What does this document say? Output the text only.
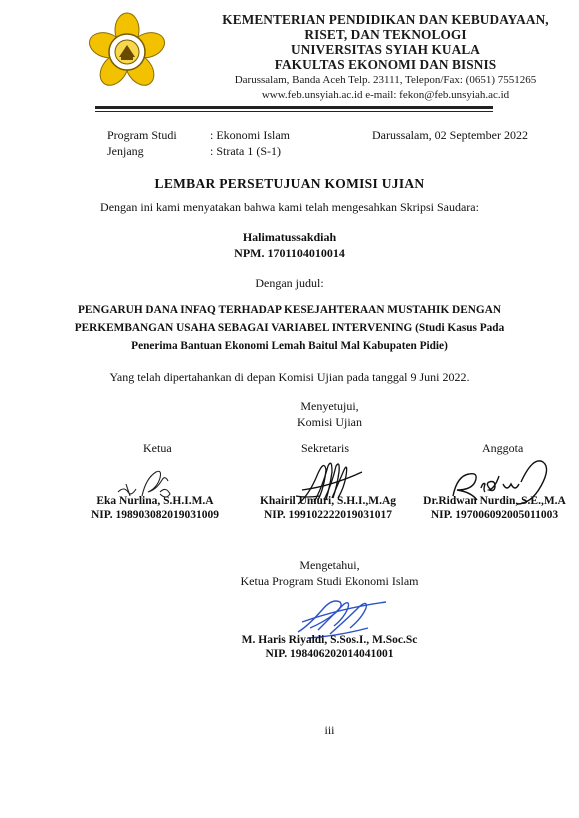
KEMENTERIAN PENDIDIKAN DAN KEBUDAYAAN,
RISET, DAN TEKNOLOGI
UNIVERSITAS SYIAH KUALA
FAKULTAS EKONOMI DAN BISNIS
Darussalam, Banda Aceh Telp. 23111, Telepon/Fax: (0651) 7551265
www.feb.unsyiah.ac.id e-mail: fekon@feb.unsyiah.ac.id
Program Studi	: Ekonomi Islam
Jenjang	: Strata 1 (S-1)
Darussalam, 02 September 2022
LEMBAR PERSETUJUAN KOMISI UJIAN
Dengan ini kami menyatakan bahwa kami telah mengesahkan Skripsi Saudara:
Halimatussakdiah
NPM. 1701104010014
Dengan judul:
PENGARUH DANA INFAQ TERHADAP KESEJAHTERAAN MUSTAHIK DENGAN
PERKEMBANGAN USAHA SEBAGAI VARIABEL INTERVENING (Studi Kasus Pada
Penerima Bantuan Ekonomi Lemah Baitul Mal Kabupaten Pidie)
Yang telah dipertahankan di depan Komisi Ujian pada tanggal 9 Juni 2022.
Menyetujui,
Komisi Ujian
Ketua	Sekretaris	Anggota
Eka Nurlina, S.H.I.M.A
NIP. 198903082019031009
Khairil Umuri, S.H.I.,M.Ag
NIP. 199102222019031017
Dr.Ridwan Nurdin, S.E.,M.A
NIP. 197006092005011003
Mengetahui,
Ketua Program Studi Ekonomi Islam
M. Haris Riyaldi, S.Sos.I., M.Soc.Sc
NIP. 198406202014041001
iii
